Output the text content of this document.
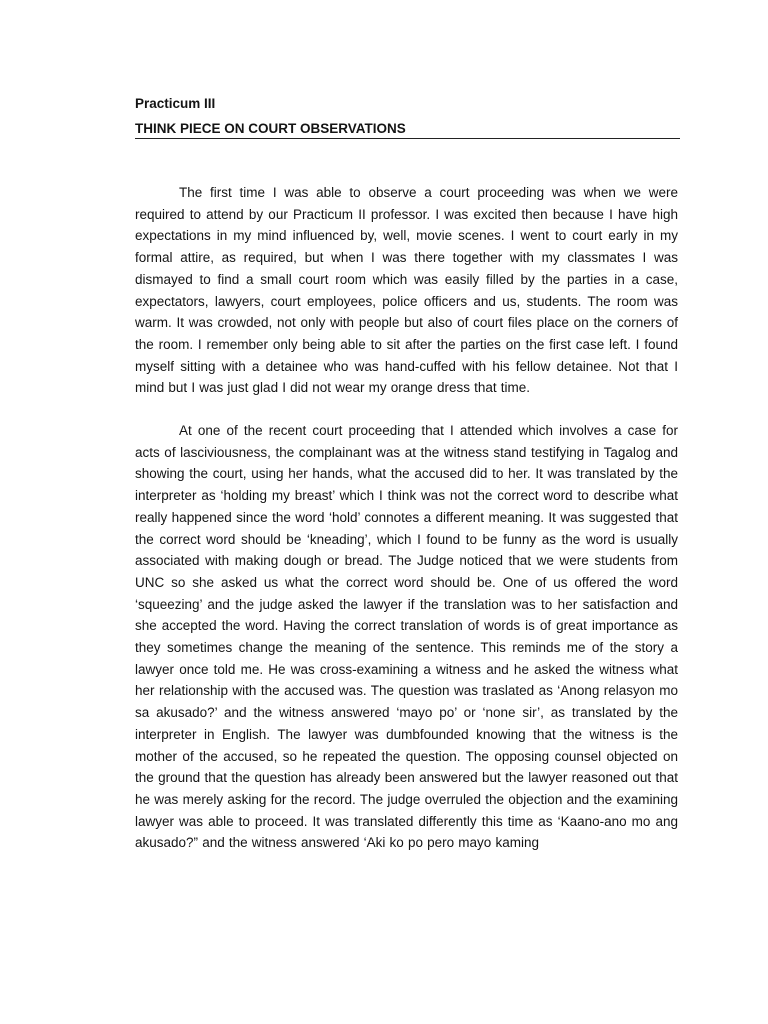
Practicum III

THINK PIECE ON COURT OBSERVATIONS

The first time I was able to observe a court proceeding was when we were required to attend by our Practicum II professor. I was excited then because I have high expectations in my mind influenced by, well, movie scenes. I went to court early in my formal attire, as required, but when I was there together with my classmates I was dismayed to find a small court room which was easily filled by the parties in a case, expectators, lawyers, court employees, police officers and us, students. The room was warm. It was crowded, not only with people but also of court files place on the corners of the room. I remember only being able to sit after the parties on the first case left. I found myself sitting with a detainee who was hand-cuffed with his fellow detainee. Not that I mind but I was just glad I did not wear my orange dress that time.

At one of the recent court proceeding that I attended which involves a case for acts of lasciviousness, the complainant was at the witness stand testifying in Tagalog and showing the court, using her hands, what the accused did to her. It was translated by the interpreter as ‘holding my breast’ which I think was not the correct word to describe what really happened since the word ‘hold’ connotes a different meaning. It was suggested that the correct word should be ‘kneading’, which I found to be funny as the word is usually associated with making dough or bread. The Judge noticed that we were students from UNC so she asked us what the correct word should be. One of us offered the word ‘squeezing’ and the judge asked the lawyer if the translation was to her satisfaction and she accepted the word. Having the correct translation of words is of great importance as they sometimes change the meaning of the sentence. This reminds me of the story a lawyer once told me. He was cross-examining a witness and he asked the witness what her relationship with the accused was. The question was traslated as ‘Anong relasyon mo sa akusado?’ and the witness answered ‘mayo po’ or ‘none sir’, as translated by the interpreter in English. The lawyer was dumbfounded knowing that the witness is the mother of the accused, so he repeated the question. The opposing counsel objected on the ground that the question has already been answered but the lawyer reasoned out that he was merely asking for the record. The judge overruled the objection and the examining lawyer was able to proceed. It was translated differently this time as ‘Kaano-ano mo ang akusado?” and the witness answered ‘Aki ko po pero mayo kaming
